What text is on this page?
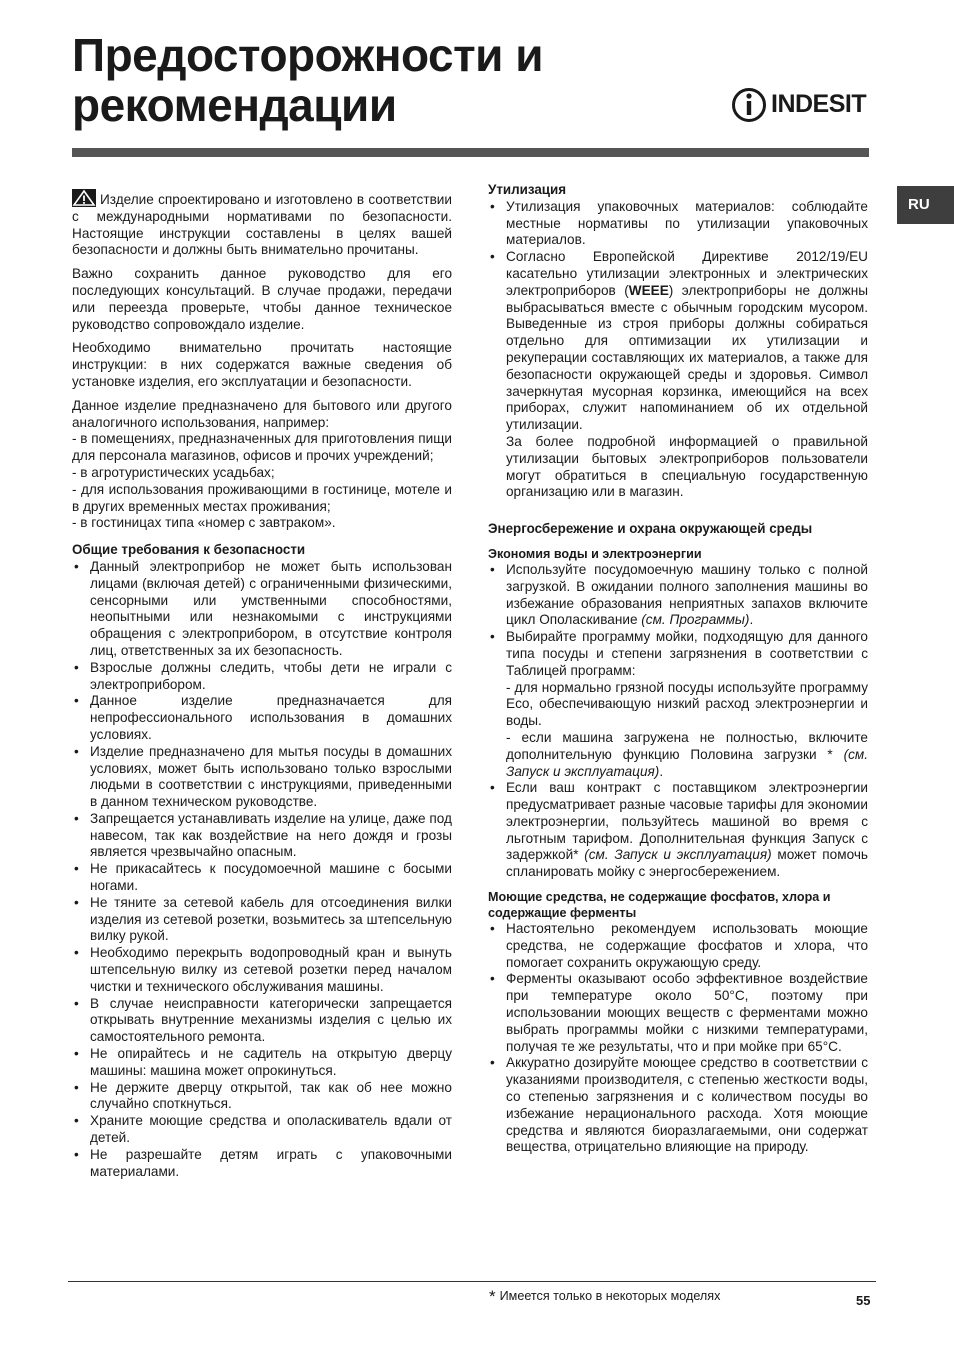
Предосторожности и
рекомендации	INDESIT
RU

Изделие спроектировано и изготовлено в соответствии с международными нормативами по безопасности. Настоящие инструкции составлены в целях вашей безопасности и должны быть внимательно прочитаны.

Важно сохранить данное руководство для его последующих консультаций. В случае продажи, передачи или переезда проверьте, чтобы данное техническое руководство сопровождало изделие.

Необходимо внимательно прочитать настоящие инструкции: в них содержатся важные сведения об установке изделия, его эксплуатации и безопасности.

Данное изделие предназначено для бытового или другого аналогичного использования, например:
- в помещениях, предназначенных для приготовления пищи для персонала магазинов, офисов и прочих учреждений;
- в агротуристических усадьбах;
- для использования проживающими в гостинице, мотеле и в других временных местах проживания;
- в гостиницах типа «номер с завтраком».

Общие требования к безопасности
• Данный электроприбор не может быть использован лицами (включая детей) с ограниченными физическими, сенсорными или умственными способностями, неопытными или незнакомыми с инструкциями обращения с электроприбором, в отсутствие контроля лиц, ответственных за их безопасность.
• Взрослые должны следить, чтобы дети не играли с электроприбором.
• Данное изделие предназначается для непрофессионального использования в домашних условиях.
• Изделие предназначено для мытья посуды в домашних условиях, может быть использовано только взрослыми людьми в соответствии с инструкциями, приведенными в данном техническом руководстве.
• Запрещается устанавливать изделие на улице, даже под навесом, так как воздействие на него дождя и грозы является чрезвычайно опасным.
• Не прикасайтесь к посудомоечной машине с босыми ногами.
• Не тяните за сетевой кабель для отсоединения вилки изделия из сетевой розетки, возьмитесь за штепсельную вилку рукой.
• Необходимо перекрыть водопроводный кран и вынуть штепсельную вилку из сетевой розетки перед началом чистки и технического обслуживания машины.
• В случае неисправности категорически запрещается открывать внутренние механизмы изделия с целью их самостоятельного ремонта.
• Не опирайтесь и не садитель на открытую дверцу машины: машина может опрокинуться.
• Не держите дверцу открытой, так как об нее можно случайно споткнуться.
• Храните моющие средства и ополаскиватель вдали от детей.
• Не разрешайте детям играть с упаковочными материалами.
Утилизация
• Утилизация упаковочных материалов: соблюдайте местные нормативы по утилизации упаковочных материалов.
• Согласно Европейской Директиве 2012/19/EU касательно утилизации электронных и электрических электроприборов (WEEE) электроприборы не должны выбрасываться вместе с обычным городским мусором. Выведенные из строя приборы должны собираться отдельно для оптимизации их утилизации и рекуперации составляющих их материалов, а также для безопасности окружающей среды и здоровья. Символ зачеркнутая мусорная корзинка, имеющийся на всех приборах, служит напоминанием об их отдельной утилизации.
За более подробной информацией о правильной утилизации бытовых электроприборов пользователи могут обратиться в специальную государственную организацию или в магазин.
Энергосбережение и охрана окружающей среды
Экономия воды и электроэнергии
• Используйте посудомоечную машину только с полной загрузкой. В ожидании полного заполнения машины во избежание образования неприятных запахов включите цикл Ополаскивание (см. Программы).
• Выбирайте программу мойки, подходящую для данного типа посуды и степени загрязнения в соответствии с Таблицей программ:
- для нормально грязной посуды используйте программу Eco, обеспечивающую низкий расход электроэнергии и воды.
- если машина загружена не полностью, включите дополнительную функцию Половина загрузки * (см. Запуск и эксплуатация).
• Если ваш контракт с поставщиком электроэнергии предусматривает разные часовые тарифы для экономии электроэнергии, пользуйтесь машиной во время с льготным тарифом. Дополнительная функция Запуск с задержкой* (см. Запуск и эксплуатация) может помочь спланировать мойку с энергосбережением.
Моющие средства, не содержащие фосфатов, хлора и содержащие ферменты
• Настоятельно рекомендуем использовать моющие средства, не содержащие фосфатов и хлора, что помогает сохранить окружающую среду.
• Ферменты оказывают особо эффективное воздействие при температуре около 50°C, поэтому при использовании моющих веществ с ферментами можно выбрать программы мойки с низкими температурами, получая те же результаты, что и при мойке при 65°C.
• Аккуратно дозируйте моющее средство в соответствии с указаниями производителя, с степенью жесткости воды, со степенью загрязнения и с количеством посуды во избежание нерационального расхода. Хотя моющие средства и являются биоразлагаемыми, они содержат вещества, отрицательно влияющие на природу.
* Имеется только в некоторых моделях	55
